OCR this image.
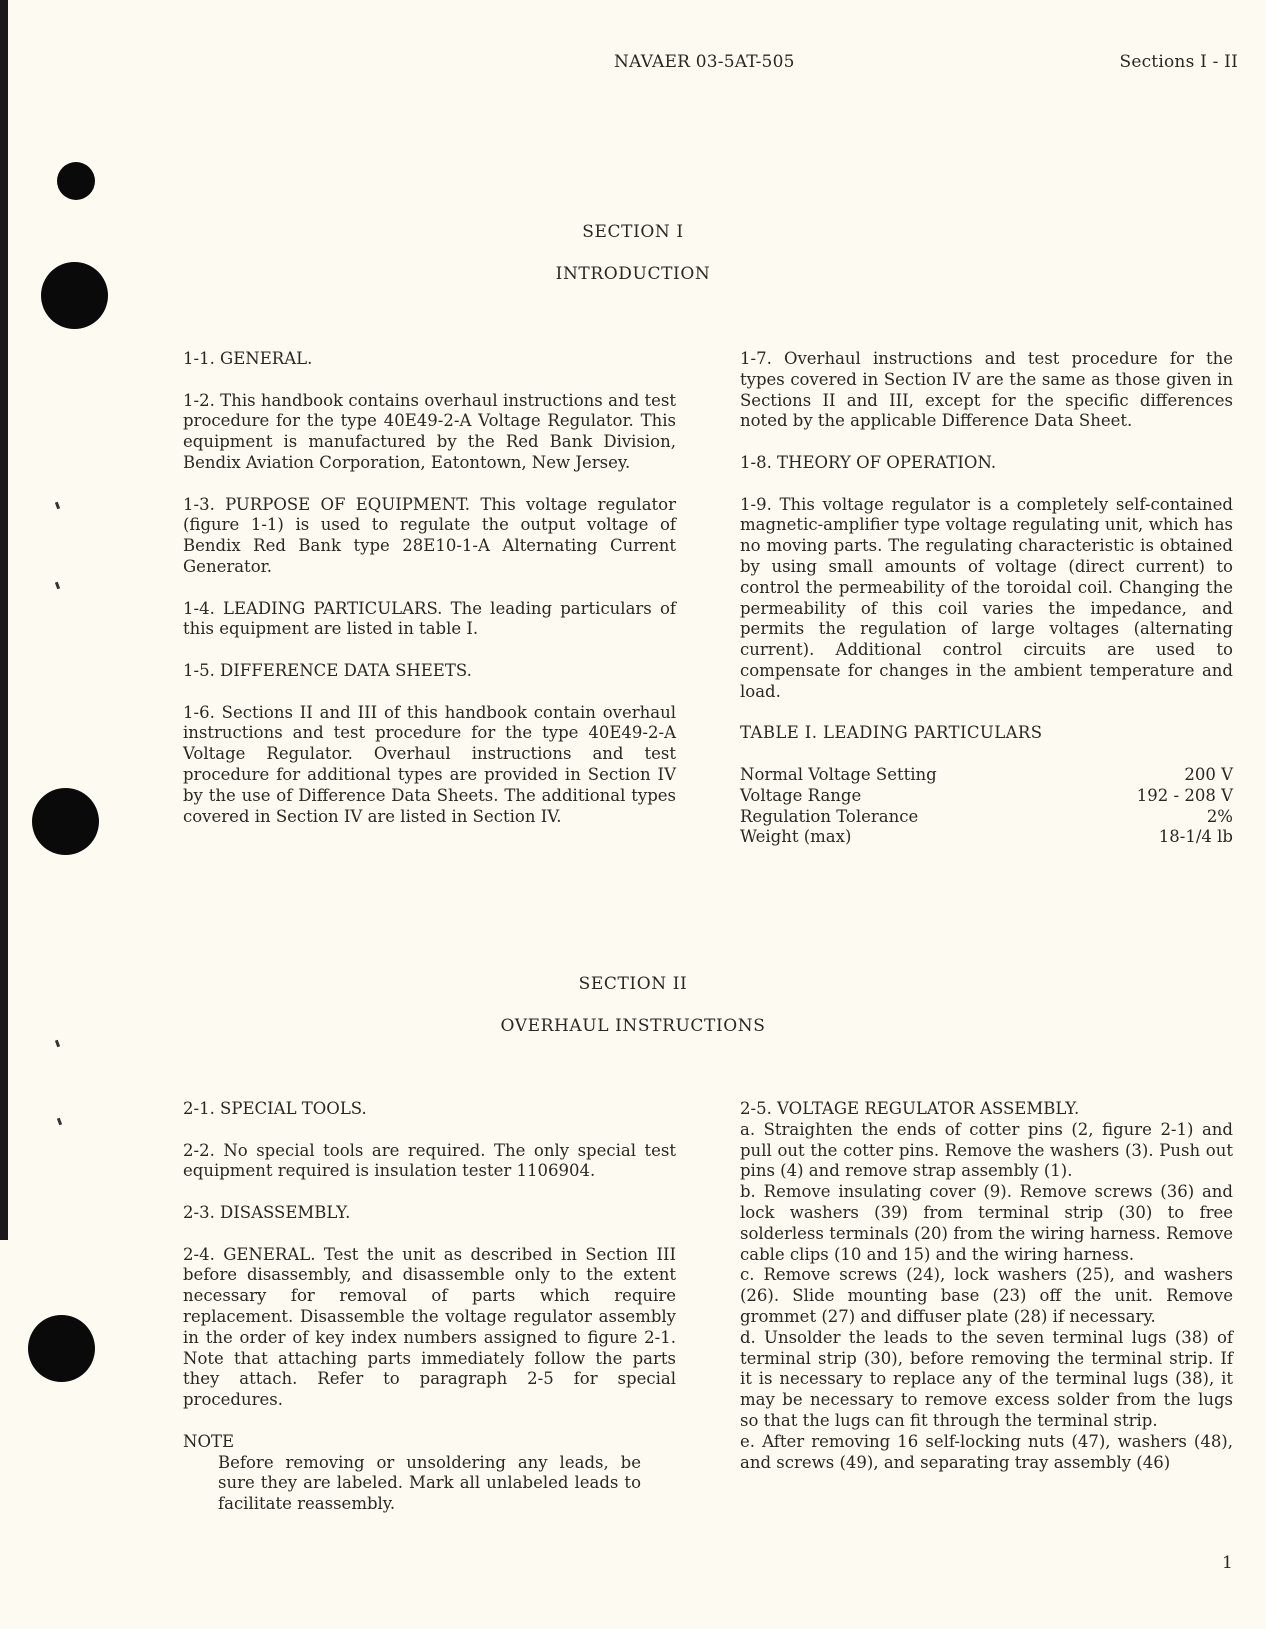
NAVAER 03-5AT-505	Sections I - II
SECTION I
INTRODUCTION

1-1. GENERAL.

1-2. This handbook contains overhaul instructions and test procedure for the type 40E49-2-A Voltage Regulator. This equipment is manufactured by the Red Bank Division, Bendix Aviation Corporation, Eatontown, New Jersey.

1-3. PURPOSE OF EQUIPMENT. This voltage regulator (figure 1-1) is used to regulate the output voltage of Bendix Red Bank type 28E10-1-A Alternating Current Generator.

1-4. LEADING PARTICULARS. The leading particulars of this equipment are listed in table I.

1-5. DIFFERENCE DATA SHEETS.

1-6. Sections II and III of this handbook contain overhaul instructions and test procedure for the type 40E49-2-A Voltage Regulator. Overhaul instructions and test procedure for additional types are provided in Section IV by the use of Difference Data Sheets. The additional types covered in Section IV are listed in Section IV.

1-7. Overhaul instructions and test procedure for the types covered in Section IV are the same as those given in Sections II and III, except for the specific differences noted by the applicable Difference Data Sheet.

1-8. THEORY OF OPERATION.

1-9. This voltage regulator is a completely self-contained magnetic-amplifier type voltage regulating unit, which has no moving parts. The regulating characteristic is obtained by using small amounts of voltage (direct current) to control the permeability of the toroidal coil. Changing the permeability of this coil varies the impedance, and permits the regulation of large voltages (alternating current). Additional control circuits are used to compensate for changes in the ambient temperature and load.

TABLE I. LEADING PARTICULARS

Normal Voltage Setting	200 V
Voltage Range	192 - 208 V
Regulation Tolerance	2%
Weight (max)	18-1/4 lb
SECTION II
OVERHAUL INSTRUCTIONS

2-1. SPECIAL TOOLS.

2-2. No special tools are required. The only special test equipment required is insulation tester 1106904.

2-3. DISASSEMBLY.

2-4. GENERAL. Test the unit as described in Section III before disassembly, and disassemble only to the extent necessary for removal of parts which require replacement. Disassemble the voltage regulator assembly in the order of key index numbers assigned to figure 2-1. Note that attaching parts immediately follow the parts they attach. Refer to paragraph 2-5 for special procedures.

NOTE

Before removing or unsoldering any leads, be sure they are labeled. Mark all unlabeled leads to facilitate reassembly.

2-5. VOLTAGE REGULATOR ASSEMBLY.

a. Straighten the ends of cotter pins (2, figure 2-1) and pull out the cotter pins. Remove the washers (3). Push out pins (4) and remove strap assembly (1).

b. Remove insulating cover (9). Remove screws (36) and lock washers (39) from terminal strip (30) to free solderless terminals (20) from the wiring harness. Remove cable clips (10 and 15) and the wiring harness.

c. Remove screws (24), lock washers (25), and washers (26). Slide mounting base (23) off the unit. Remove grommet (27) and diffuser plate (28) if necessary.

d. Unsolder the leads to the seven terminal lugs (38) of terminal strip (30), before removing the terminal strip. If it is necessary to replace any of the terminal lugs (38), it may be necessary to remove excess solder from the lugs so that the lugs can fit through the terminal strip.

e. After removing 16 self-locking nuts (47), washers (48), and screws (49), and separating tray assembly (46)

1
